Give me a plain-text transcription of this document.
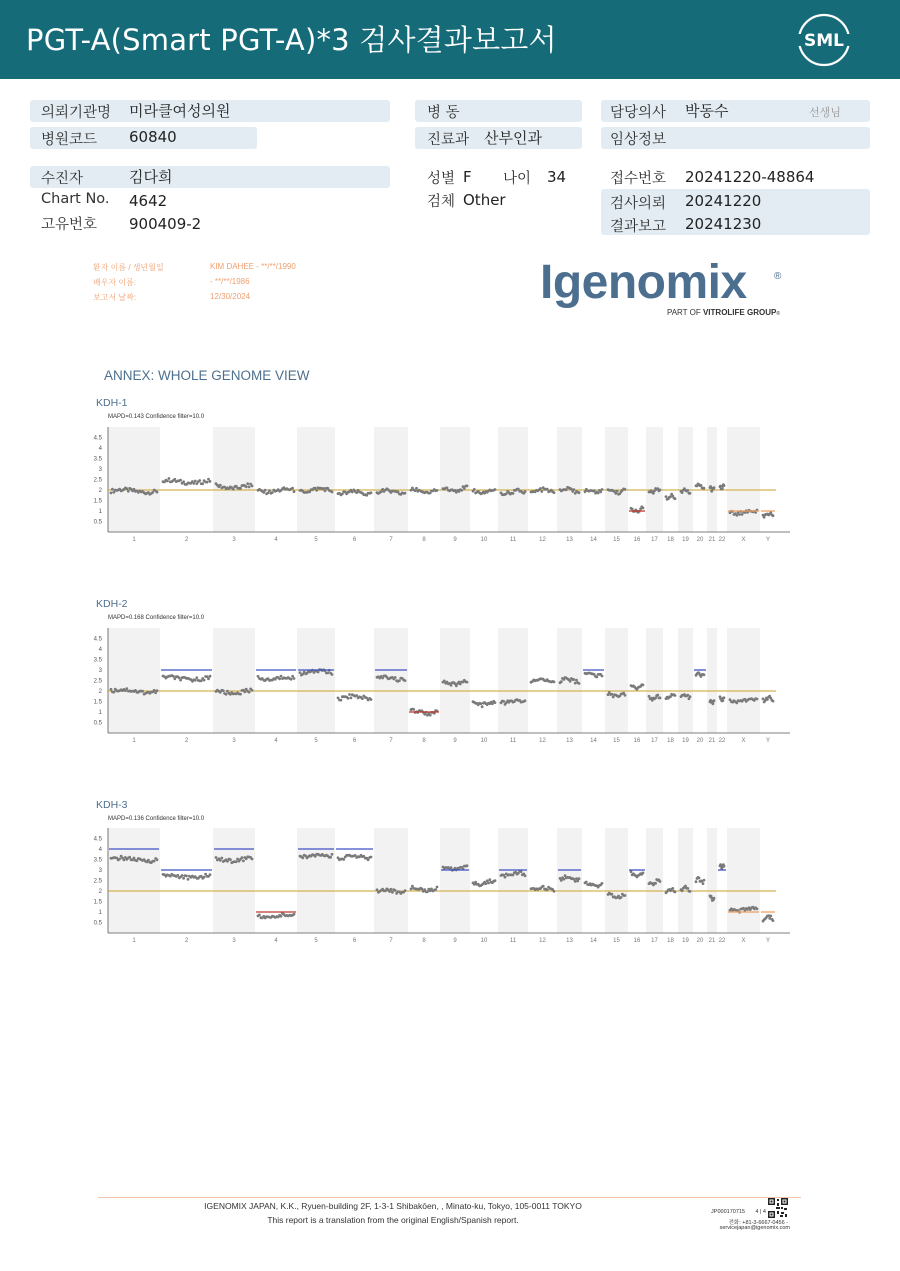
PGT-A(Smart PGT-A)*3 검사결과보고서	SML
의뢰기관명 미라클여성의원
병원코드 60840
병 동
진료과 산부인과
담당의사 박동수	선생님
임상정보
수진자	김다희
Chart No. 4642
고유번호 900409-2
성별 F 나이 34
검체 Other
접수번호 20241220-48864
검사의뢰 20241220
결과보고 20241230
환자 이름 / 생년월일	KIM DAHEE - **/**/1990
배우자 이름:	- **/**/1986
보고서 날짜:	12/30/2024	Igenomix	®
PART OF VITROLIFE GROUP®
ANNEX: WHOLE GENOME VIEW
KDH-1
MAPD=0.143 Confidence filter=10.0
0.5
1
1.5
2
2.5
3
3.5
4
4.5
1	2	3	4	5	6	7	8	9	10	11	12	13	14	15 16 17 18 19 20 21 22	X	Y
KDH-2
MAPD=0.168 Confidence filter=10.0
0.5
1
1.5
2
2.5
3
3.5
4
4.5
1	2	3	4	5	6	7	8	9	10	11	12	13	14	15 16 17 18 19 20 21 22	X	Y
KDH-3
MAPD=0.136 Confidence filter=10.0
0.5
1
1.5
2
2.5
3
3.5
4
4.5
1	2	3	4	5	6	7	8	9	10	11	12	13	14	15 16 17 18 19 20 21 22	X	Y
IGENOMIX JAPAN, K.K., Ryuen-building 2F, 1-3-1 Shibakōen, , Minato-ku, Tokyo, 105-0011 TOKYO
This report is a translation from the original English/Spanish report.
JP000170715	4 | 4
전화: +81-3-6667-0456 -
servicejapan@igenomix.com
